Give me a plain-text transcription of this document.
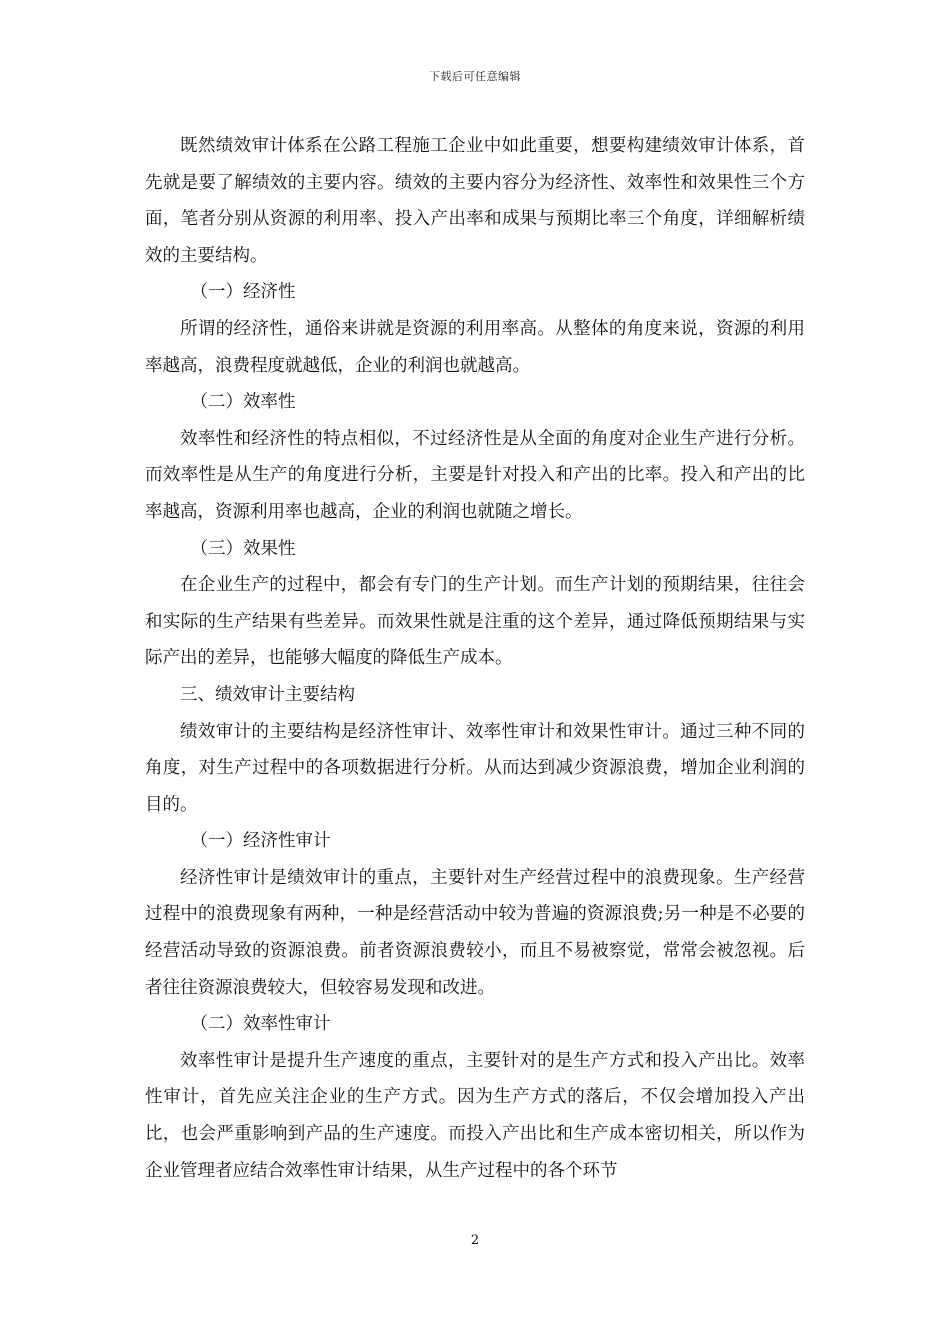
下载后可任意编辑

既然绩效审计体系在公路工程施工企业中如此重要，想要构建绩效审计体系，首先就是要了解绩效的主要内容。绩效的主要内容分为经济性、效率性和效果性三个方面，笔者分别从资源的利用率、投入产出率和成果与预期比率三个角度，详细解析绩效的主要结构。

（一）经济性

所谓的经济性，通俗来讲就是资源的利用率高。从整体的角度来说，资源的利用率越高，浪费程度就越低，企业的利润也就越高。

（二）效率性

效率性和经济性的特点相似，不过经济性是从全面的角度对企业生产进行分析。而效率性是从生产的角度进行分析，主要是针对投入和产出的比率。投入和产出的比率越高，资源利用率也越高，企业的利润也就随之增长。

（三）效果性

在企业生产的过程中，都会有专门的生产计划。而生产计划的预期结果，往往会和实际的生产结果有些差异。而效果性就是注重的这个差异，通过降低预期结果与实际产出的差异，也能够大幅度的降低生产成本。

三、绩效审计主要结构

绩效审计的主要结构是经济性审计、效率性审计和效果性审计。通过三种不同的角度，对生产过程中的各项数据进行分析。从而达到减少资源浪费，增加企业利润的目的。

（一）经济性审计

经济性审计是绩效审计的重点，主要针对生产经营过程中的浪费现象。生产经营过程中的浪费现象有两种，一种是经营活动中较为普遍的资源浪费;另一种是不必要的经营活动导致的资源浪费。前者资源浪费较小，而且不易被察觉，常常会被忽视。后者往往资源浪费较大，但较容易发现和改进。

（二）效率性审计

效率性审计是提升生产速度的重点，主要针对的是生产方式和投入产出比。效率性审计，首先应关注企业的生产方式。因为生产方式的落后，不仅会增加投入产出比，也会严重影响到产品的生产速度。而投入产出比和生产成本密切相关，所以作为企业管理者应结合效率性审计结果，从生产过程中的各个环节

2
